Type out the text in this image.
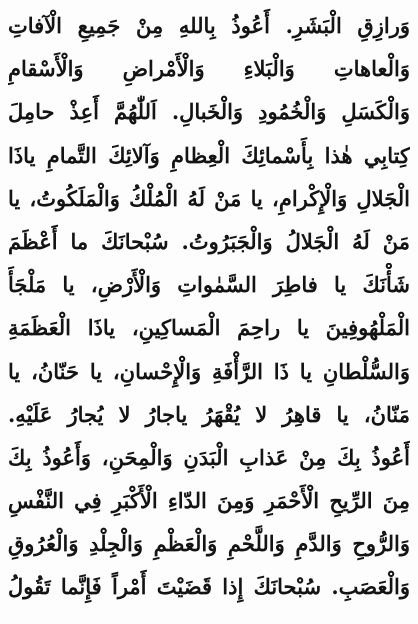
وَرازِقِ الْبَشَرِ. أَعُوذُ بِاللهِ مِنْ جَمِيعِ الْآفاتِ
وَالْعاهاتِ وَالْبَلاءِ وَالْأَمْراضِ وَالْأَسْقامِ
وَالْكَسَلِ وَالْخُمُودِ وَالْخَبالِ. اَللّٰهُمَّ أَعِذْ حامِلَ
كِتابِي هٰذا بِأَسْمائِكَ الْعِظامِ وَآلائِكَ التَّمامِ ياذَا
الْجَلالِ وَالْإِكْرامِ، يا مَنْ لَهُ الْمُلْكُ وَالْمَلَكُوتُ، يا
مَنْ لَهُ الْجَلالُ وَالْجَبَرُوتُ. سُبْحانَكَ ما أَعْظَمَ
شَأْنَكَ يا فاطِرَ السَّمٰواتِ وَالْأَرْضِ، يا مَلْجَأَ
الْمَلْهُوفِينَ يا راحِمَ الْمَساكِينِ، ياذَا الْعَظَمَةِ
وَالسُّلْطانِ يا ذَا الرَّأْفَةِ وَالْإِحْسانِ، يا حَنّانُ، يا
مَنّانُ، يا قاهِرُ لا يُقْهَرُ ياجارُ لا يُجارُ عَلَيْهِ.
أَعُوذُ بِكَ مِنْ عَذابِ الْبَدَنِ وَالْمِحَنِ، وَأَعُوذُ بِكَ
مِنَ الرِّيحِ الْأَحْمَرِ وَمِنَ الدّاءِ الْأَكْبَرِ فِي النَّفْسِ
وَالرُّوحِ وَالدَّمِ وَاللَّحْمِ وَالْعَظْمِ وَالْجِلْدِ وَالْعُرُوقِ
وَالْعَصَبِ. سُبْحانَكَ إِذا قَضَيْتَ أَمْراً فَإِنَّما تَقُولُ
